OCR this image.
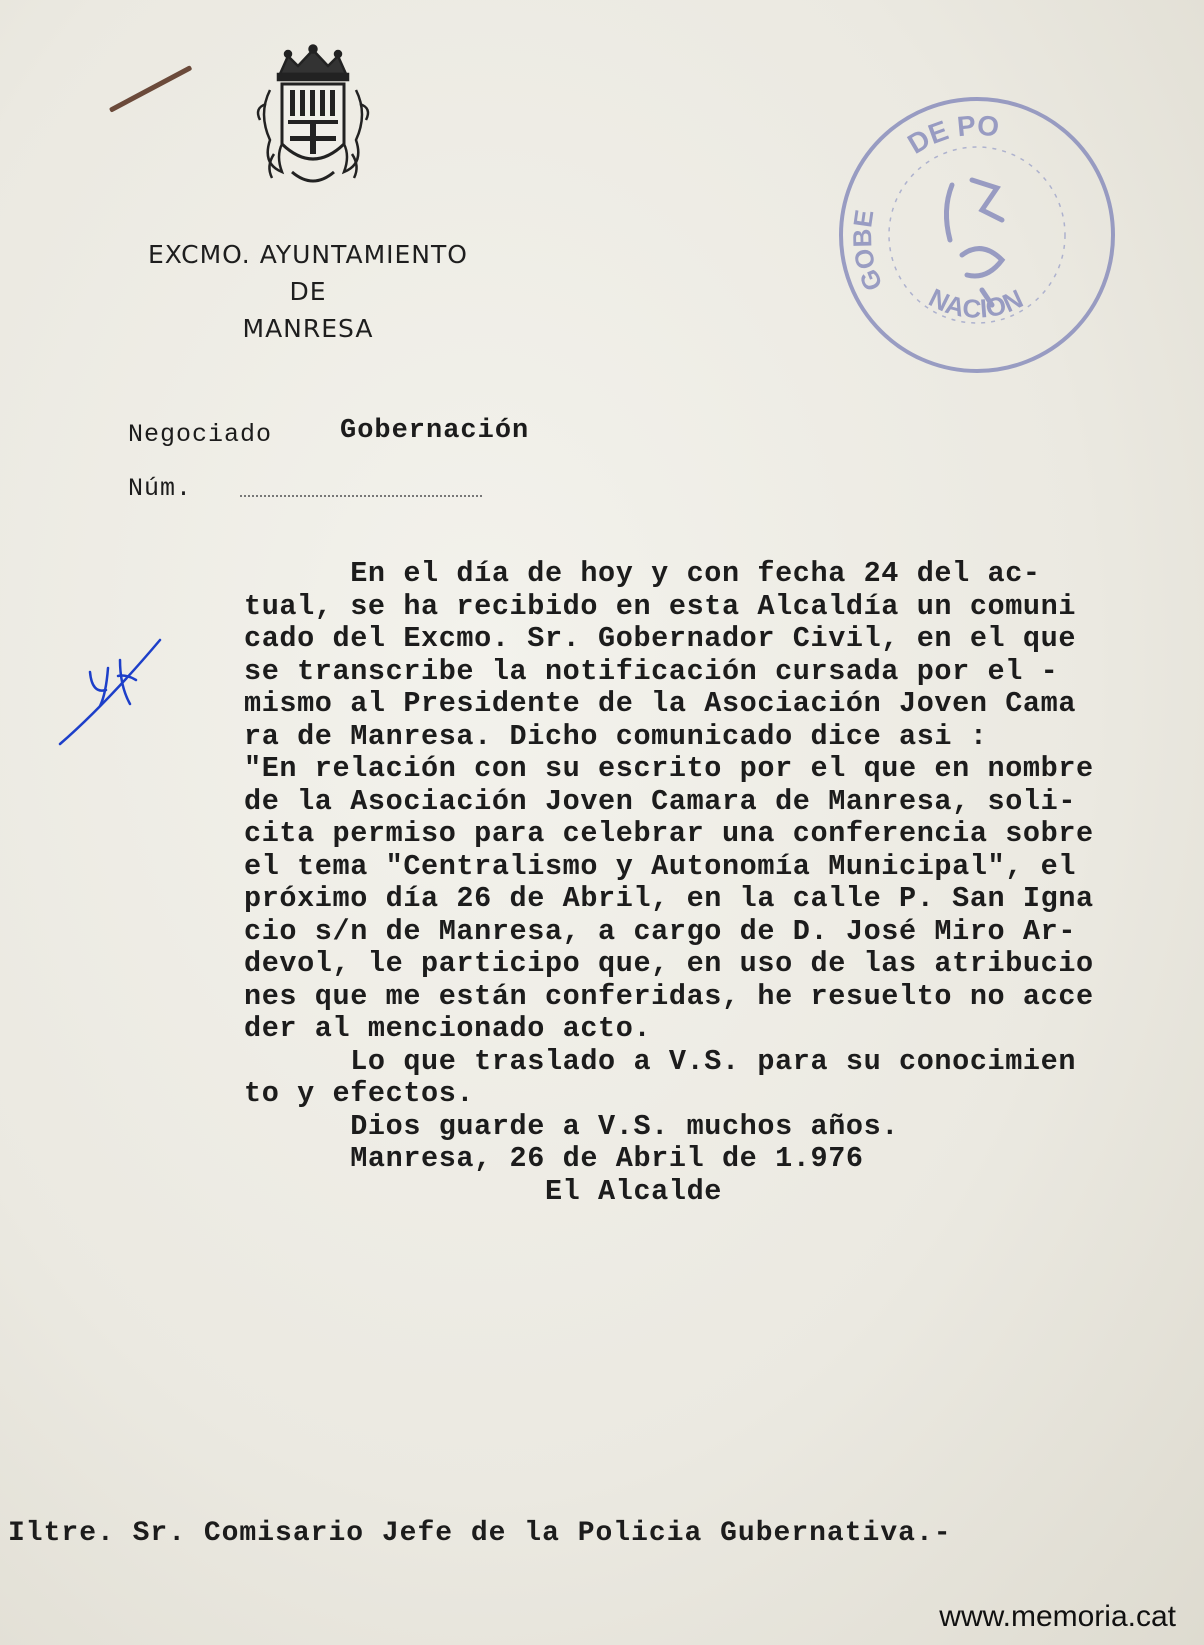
EXCMO. AYUNTAMIENTO
DE
MANRESA
DE PO
GOBE
NACION
Negociado	Gobernación
Núm.
En el día de hoy y con fecha 24 del ac-
tual, se ha recibido en esta Alcaldía un comuni
cado del Excmo. Sr. Gobernador Civil, en el que
se transcribe la notificación cursada por el -
mismo al Presidente de la Asociación Joven Cama
ra de Manresa. Dicho comunicado dice asi :
"En relación con su escrito por el que en nombre
de la Asociación Joven Camara de Manresa, soli-
cita permiso para celebrar una conferencia sobre
el tema "Centralismo y Autonomía Municipal", el
próximo día 26 de Abril, en la calle P. San Igna
cio s/n de Manresa, a cargo de D. José Miro Ar-
devol, le participo que, en uso de las atribucio
nes que me están conferidas, he resuelto no acce
der al mencionado acto.
Lo que traslado a V.S. para su conocimien
to y efectos.
Dios guarde a V.S. muchos años.
Manresa, 26 de Abril de 1.976
El Alcalde
Iltre. Sr. Comisario Jefe de la Policia Gubernativa.-
www.memoria.cat
